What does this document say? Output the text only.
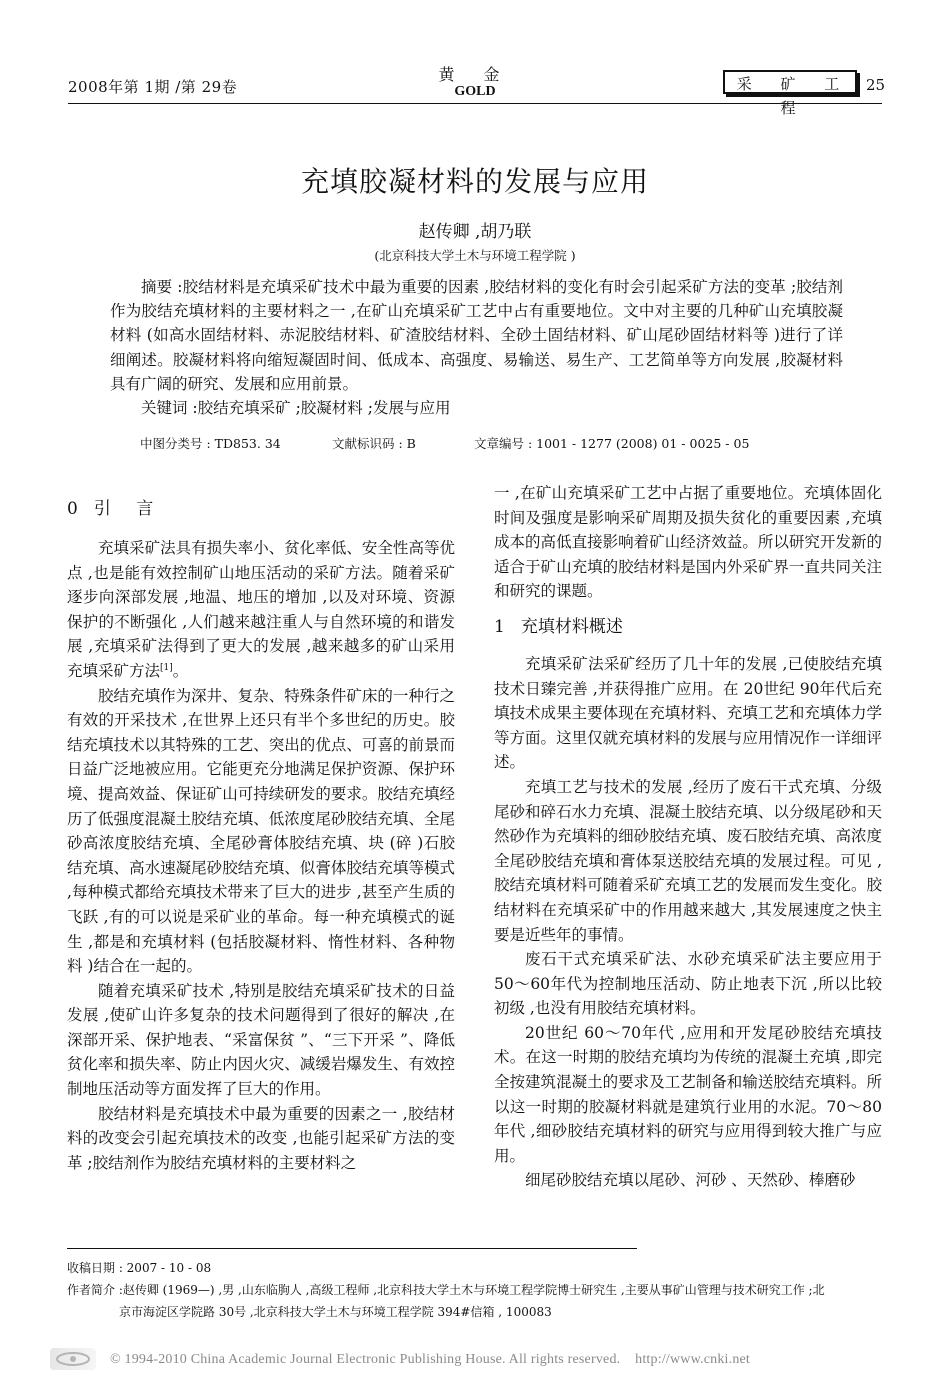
2008年第 1期 /第 29卷
黄 金
GOLD	采 矿 工 程
25
充填胶凝材料的发展与应用
赵传卿 ,胡乃联
(北京科技大学土木与环境工程学院 )

摘要 :胶结材料是充填采矿技术中最为重要的因素 ,胶结材料的变化有时会引起采矿方法的变革 ;胶结剂作为胶结充填材料的主要材料之一 ,在矿山充填采矿工艺中占有重要地位。文中对主要的几种矿山充填胶凝材料 (如高水固结材料、赤泥胶结材料、矿渣胶结材料、全砂土固结材料、矿山尾砂固结材料等 )进行了详细阐述。胶凝材料将向缩短凝固时间、低成本、高强度、易输送、易生产、工艺简单等方向发展 ,胶凝材料具有广阔的研究、发展和应用前景。

关键词 :胶结充填采矿 ;胶凝材料 ;发展与应用

中图分类号 : TD853. 34	文献标识码 : B	文章编号 : 1001 - 1277 (2008) 01 - 0025 - 05
0 引 言

充填采矿法具有损失率小、贫化率低、安全性高等优点 ,也是能有效控制矿山地压活动的采矿方法。随着采矿逐步向深部发展 ,地温、地压的增加 ,以及对环境、资源保护的不断强化 ,人们越来越注重人与自然环境的和谐发展 ,充填采矿法得到了更大的发展 ,越来越多的矿山采用充填采矿方法[1]。

胶结充填作为深井、复杂、特殊条件矿床的一种行之有效的开采技术 ,在世界上还只有半个多世纪的历史。胶结充填技术以其特殊的工艺、突出的优点、可喜的前景而日益广泛地被应用。它能更充分地满足保护资源、保护环境、提高效益、保证矿山可持续研发的要求。胶结充填经历了低强度混凝土胶结充填、低浓度尾砂胶结充填、全尾砂高浓度胶结充填、全尾砂膏体胶结充填、块 (碎 )石胶结充填、高水速凝尾砂胶结充填、似膏体胶结充填等模式 ,每种模式都给充填技术带来了巨大的进步 ,甚至产生质的飞跃 ,有的可以说是采矿业的革命。每一种充填模式的诞生 ,都是和充填材料 (包括胶凝材料、惰性材料、各种物料 )结合在一起的。

随着充填采矿技术 ,特别是胶结充填采矿技术的日益发展 ,使矿山许多复杂的技术问题得到了很好的解决 ,在深部开采、保护地表、“采富保贫 ”、“三下开采 ”、降低贫化率和损失率、防止内因火灾、减缓岩爆发生、有效控制地压活动等方面发挥了巨大的作用。

胶结材料是充填技术中最为重要的因素之一 ,胶结材料的改变会引起充填技术的改变 ,也能引起采矿方法的变革 ;胶结剂作为胶结充填材料的主要材料之

一 ,在矿山充填采矿工艺中占据了重要地位。充填体固化时间及强度是影响采矿周期及损失贫化的重要因素 ,充填成本的高低直接影响着矿山经济效益。所以研究开发新的适合于矿山充填的胶结材料是国内外采矿界一直共同关注和研究的课题。

1 充填材料概述

充填采矿法采矿经历了几十年的发展 ,已使胶结充填技术日臻完善 ,并获得推广应用。在 20世纪 90年代后充填技术成果主要体现在充填材料、充填工艺和充填体力学等方面。这里仅就充填材料的发展与应用情况作一详细评述。

充填工艺与技术的发展 ,经历了废石干式充填、分级尾砂和碎石水力充填、混凝土胶结充填、以分级尾砂和天然砂作为充填料的细砂胶结充填、废石胶结充填、高浓度全尾砂胶结充填和膏体泵送胶结充填的发展过程。可见 ,胶结充填材料可随着采矿充填工艺的发展而发生变化。胶结材料在充填采矿中的作用越来越大 ,其发展速度之快主要是近些年的事情。

废石干式充填采矿法、水砂充填采矿法主要应用于 50～60年代为控制地压活动、防止地表下沉 ,所以比较初级 ,也没有用胶结充填材料。

20世纪 60～70年代 ,应用和开发尾砂胶结充填技术。在这一时期的胶结充填均为传统的混凝土充填 ,即完全按建筑混凝土的要求及工艺制备和输送胶结充填料。所以这一时期的胶凝材料就是建筑行业用的水泥。70～80年代 ,细砂胶结充填材料的研究与应用得到较大推广与应用。

细尾砂胶结充填以尾砂、河砂 、天然砂、棒磨砂

收稿日期 : 2007 - 10 - 08
作者简介 :赵传卿 (1969—) ,男 ,山东临朐人 ,高级工程师 ,北京科技大学土木与环境工程学院博士研究生 ,主要从事矿山管理与技术研究工作 ;北
京市海淀区学院路 30号 ,北京科技大学土木与环境工程学院 394#信箱 , 100083
© 1994-2010 China Academic Journal Electronic Publishing House. All rights reserved.    http://www.cnki.net
